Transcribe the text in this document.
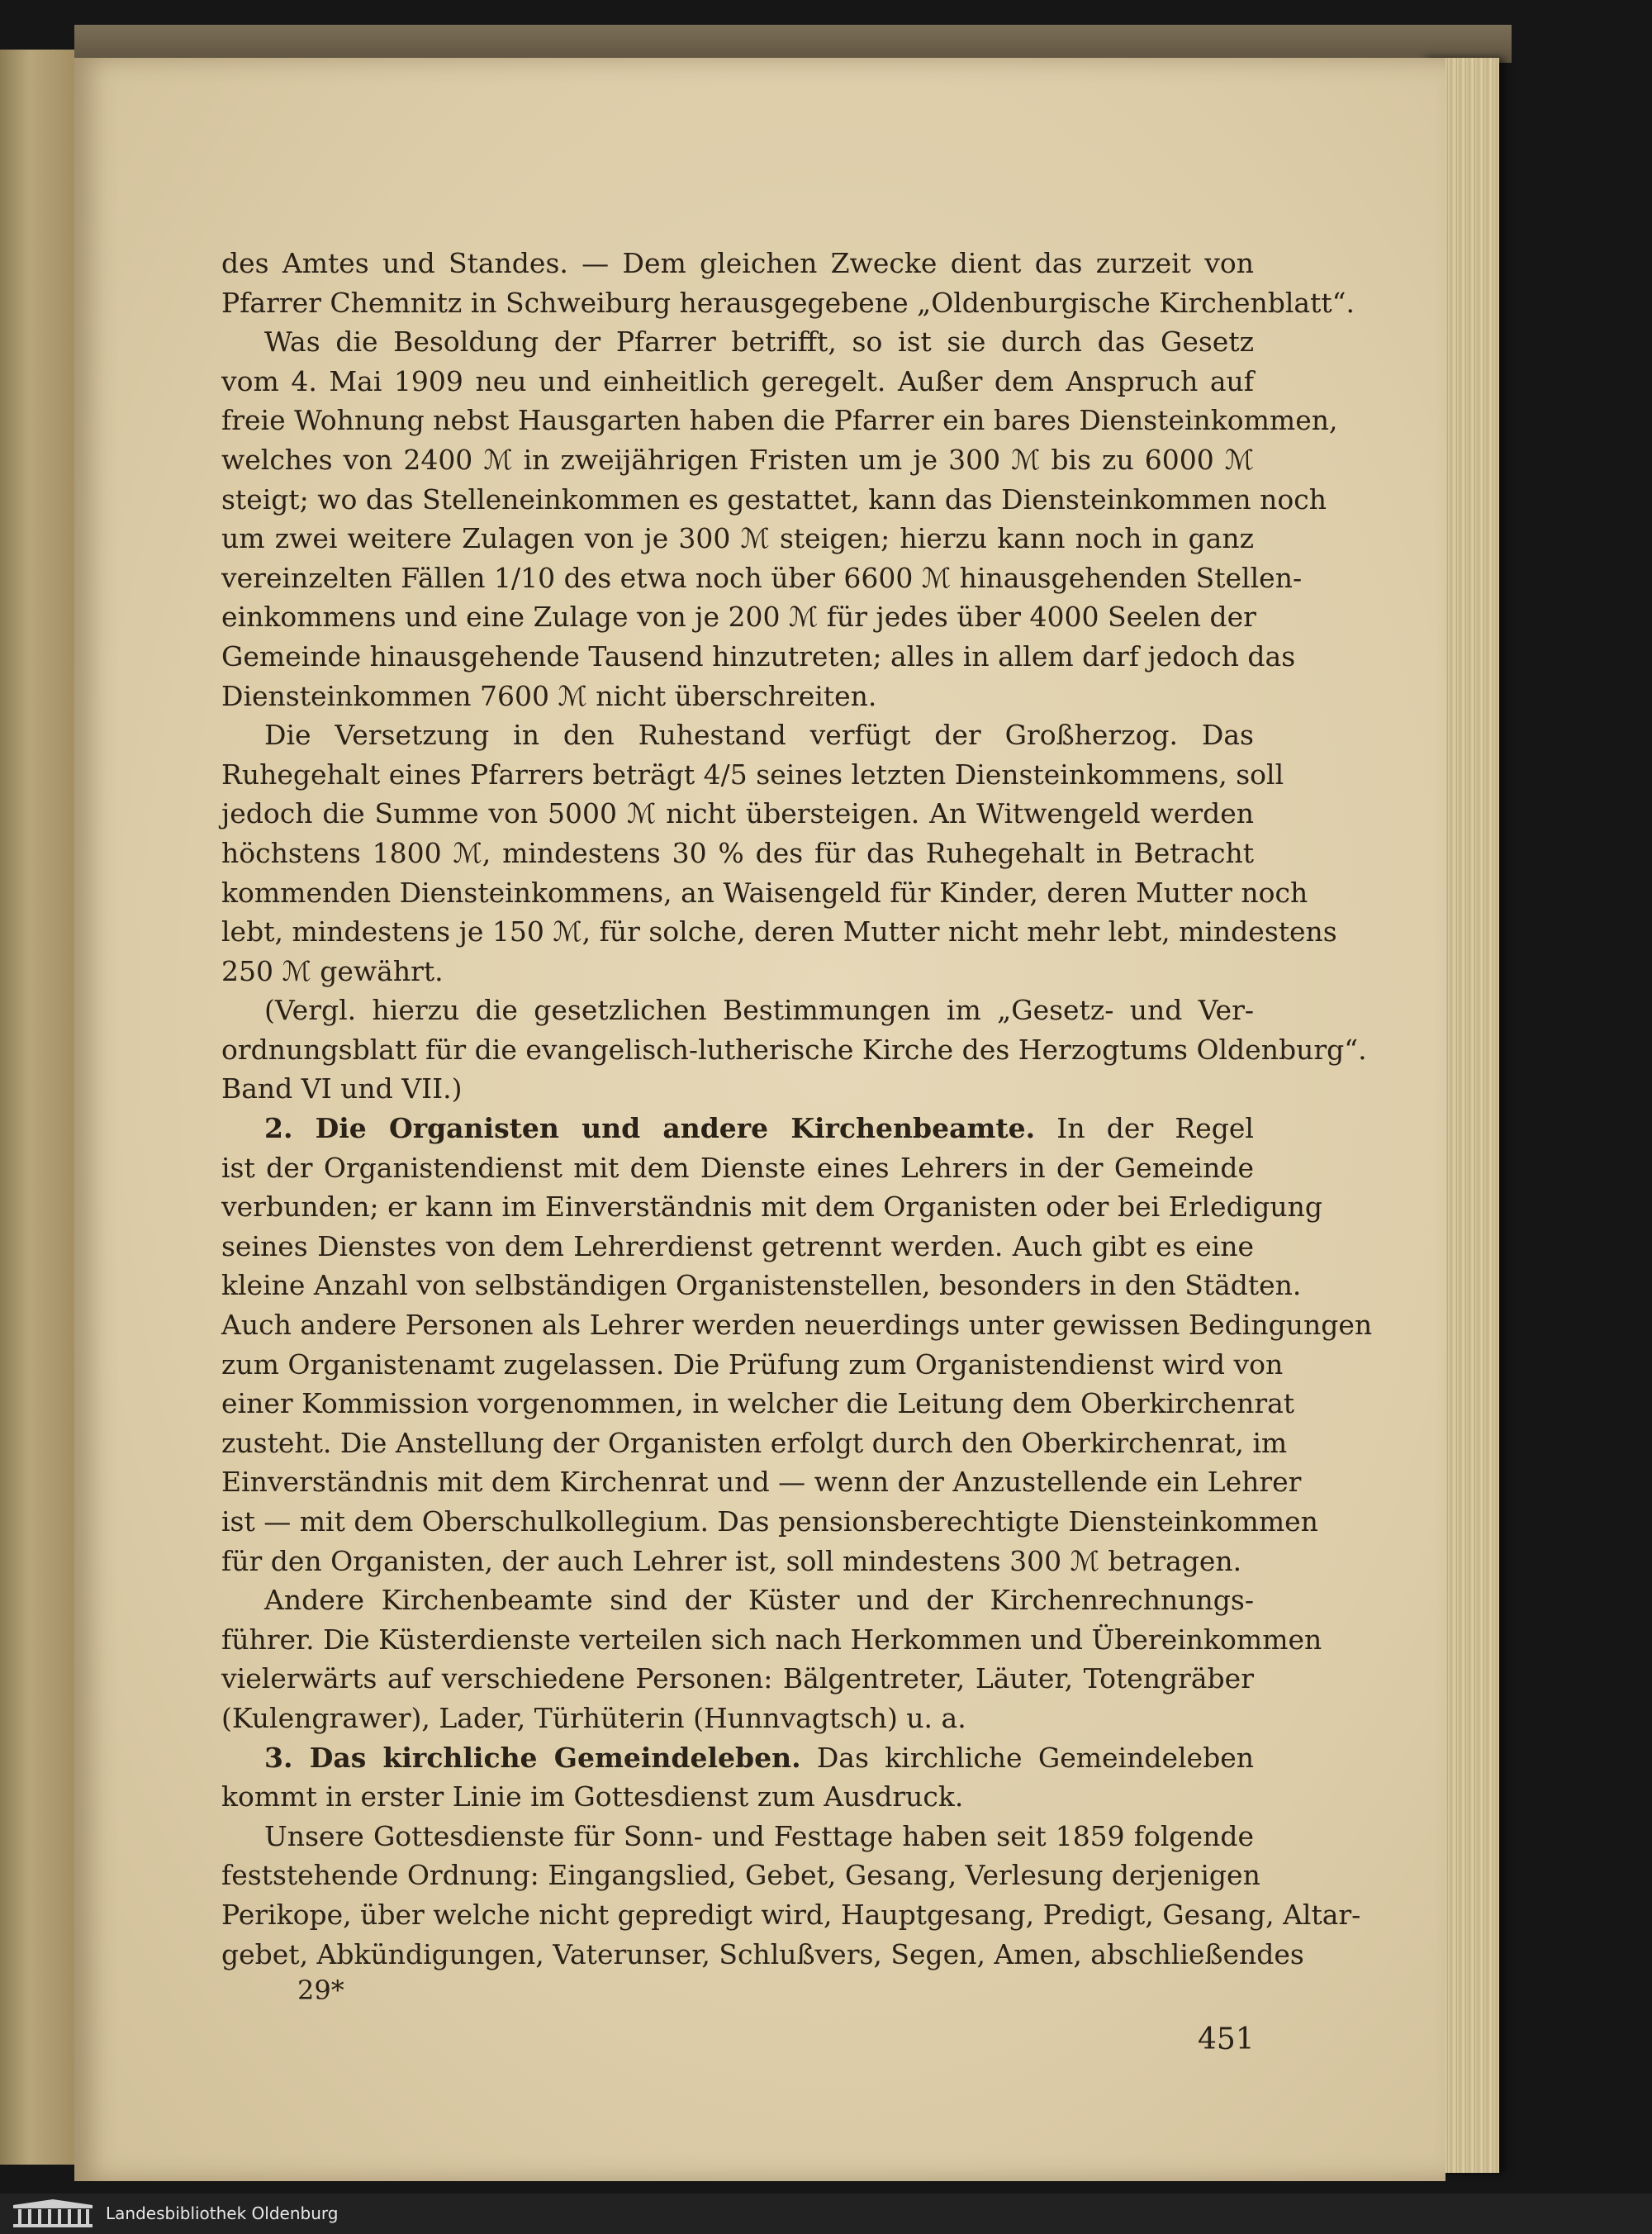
des Amtes und Standes. — Dem gleichen Zwecke dient das zurzeit von
Pfarrer Chemnitz in Schweiburg herausgegebene „Oldenburgische Kirchenblatt“.
Was die Besoldung der Pfarrer betrifft, so ist sie durch das Gesetz
vom 4. Mai 1909 neu und einheitlich geregelt. Außer dem Anspruch auf
freie Wohnung nebst Hausgarten haben die Pfarrer ein bares Diensteinkommen,
welches von 2400 ℳ in zweijährigen Fristen um je 300 ℳ bis zu 6000 ℳ
steigt; wo das Stelleneinkommen es gestattet, kann das Diensteinkommen noch
um zwei weitere Zulagen von je 300 ℳ steigen; hierzu kann noch in ganz
vereinzelten Fällen 1/10 des etwa noch über 6600 ℳ hinausgehenden Stellen-
einkommens und eine Zulage von je 200 ℳ für jedes über 4000 Seelen der
Gemeinde hinausgehende Tausend hinzutreten; alles in allem darf jedoch das
Diensteinkommen 7600 ℳ nicht überschreiten.
Die Versetzung in den Ruhestand verfügt der Großherzog. Das
Ruhegehalt eines Pfarrers beträgt 4/5 seines letzten Diensteinkommens, soll
jedoch die Summe von 5000 ℳ nicht übersteigen. An Witwengeld werden
höchstens 1800 ℳ, mindestens 30 % des für das Ruhegehalt in Betracht
kommenden Diensteinkommens, an Waisengeld für Kinder, deren Mutter noch
lebt, mindestens je 150 ℳ, für solche, deren Mutter nicht mehr lebt, mindestens
250 ℳ gewährt.
(Vergl. hierzu die gesetzlichen Bestimmungen im „Gesetz- und Ver-
ordnungsblatt für die evangelisch-lutherische Kirche des Herzogtums Oldenburg“.
Band VI und VII.)
2. Die Organisten und andere Kirchenbeamte. In der Regel
ist der Organistendienst mit dem Dienste eines Lehrers in der Gemeinde
verbunden; er kann im Einverständnis mit dem Organisten oder bei Erledigung
seines Dienstes von dem Lehrerdienst getrennt werden. Auch gibt es eine
kleine Anzahl von selbständigen Organistenstellen, besonders in den Städten.
Auch andere Personen als Lehrer werden neuerdings unter gewissen Bedingungen
zum Organistenamt zugelassen. Die Prüfung zum Organistendienst wird von
einer Kommission vorgenommen, in welcher die Leitung dem Oberkirchenrat
zusteht. Die Anstellung der Organisten erfolgt durch den Oberkirchenrat, im
Einverständnis mit dem Kirchenrat und — wenn der Anzustellende ein Lehrer
ist — mit dem Oberschulkollegium. Das pensionsberechtigte Diensteinkommen
für den Organisten, der auch Lehrer ist, soll mindestens 300 ℳ betragen.
Andere Kirchenbeamte sind der Küster und der Kirchenrechnungs-
führer. Die Küsterdienste verteilen sich nach Herkommen und Übereinkommen
vielerwärts auf verschiedene Personen: Bälgentreter, Läuter, Totengräber
(Kulengrawer), Lader, Türhüterin (Hunnvagtsch) u. a.
3. Das kirchliche Gemeindeleben. Das kirchliche Gemeindeleben
kommt in erster Linie im Gottesdienst zum Ausdruck.
Unsere Gottesdienste für Sonn- und Festtage haben seit 1859 folgende
feststehende Ordnung: Eingangslied, Gebet, Gesang, Verlesung derjenigen
Perikope, über welche nicht gepredigt wird, Hauptgesang, Predigt, Gesang, Altar-
gebet, Abkündigungen, Vaterunser, Schlußvers, Segen, Amen, abschließendes
29*
451
Landesbibliothek Oldenburg
